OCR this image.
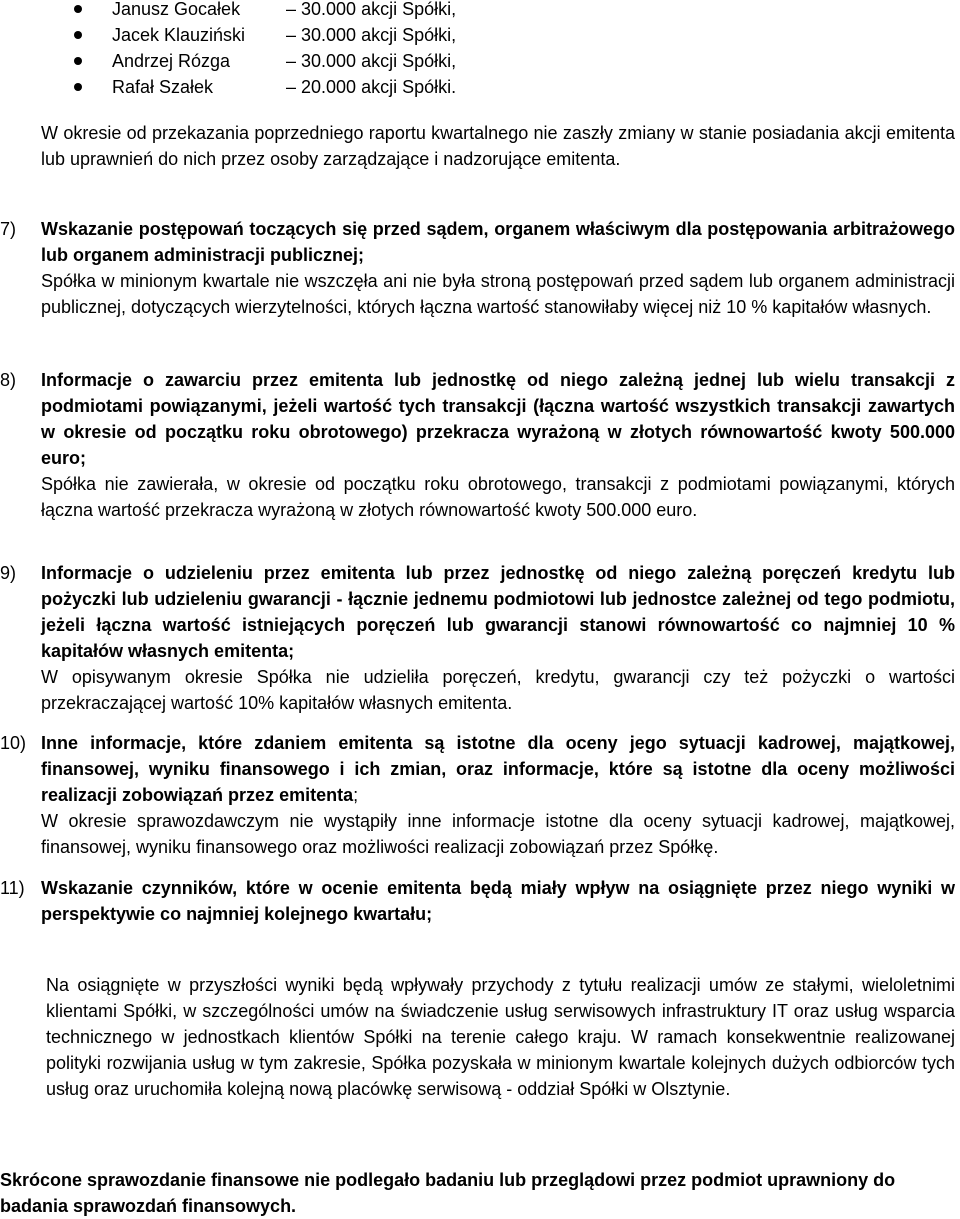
Janusz Gocałek	– 30.000 akcji Spółki,
Jacek Klauziński – 30.000 akcji Spółki,
Andrzej Rózga	– 30.000 akcji Spółki,
Rafał Szałek	– 20.000 akcji Spółki.
W okresie od przekazania poprzedniego raportu kwartalnego nie zaszły zmiany w stanie posiadania akcji emitenta lub uprawnień do nich przez osoby zarządzające i nadzorujące emitenta.
7) Wskazanie postępowań toczących się przed sądem, organem właściwym dla postępowania arbitrażowego lub organem administracji publicznej;
Spółka w minionym kwartale nie wszczęła ani nie była stroną postępowań przed sądem lub organem administracji publicznej, dotyczących wierzytelności, których łączna wartość stanowiłaby więcej niż 10 % kapitałów własnych.
8) Informacje o zawarciu przez emitenta lub jednostkę od niego zależną jednej lub wielu transakcji z podmiotami powiązanymi, jeżeli wartość tych transakcji (łączna wartość wszystkich transakcji zawartych w okresie od początku roku obrotowego) przekracza wyrażoną w złotych równowartość kwoty 500.000 euro;
Spółka nie zawierała, w okresie od początku roku obrotowego, transakcji z podmiotami powiązanymi, których łączna wartość przekracza wyrażoną w złotych równowartość kwoty 500.000 euro.
9) Informacje o udzieleniu przez emitenta lub przez jednostkę od niego zależną poręczeń kredytu lub pożyczki lub udzieleniu gwarancji - łącznie jednemu podmiotowi lub jednostce zależnej od tego podmiotu, jeżeli łączna wartość istniejących poręczeń lub gwarancji stanowi równowartość co najmniej 10 % kapitałów własnych emitenta;
W opisywanym okresie Spółka nie udzieliła poręczeń, kredytu, gwarancji czy też pożyczki o wartości przekraczającej wartość 10% kapitałów własnych emitenta.
10) Inne informacje, które zdaniem emitenta są istotne dla oceny jego sytuacji kadrowej, majątkowej, finansowej, wyniku finansowego i ich zmian, oraz informacje, które są istotne dla oceny możliwości realizacji zobowiązań przez emitenta;
W okresie sprawozdawczym nie wystąpiły inne informacje istotne dla oceny sytuacji kadrowej, majątkowej, finansowej, wyniku finansowego oraz możliwości realizacji zobowiązań przez Spółkę.
11) Wskazanie czynników, które w ocenie emitenta będą miały wpływ na osiągnięte przez niego wyniki w perspektywie co najmniej kolejnego kwartału;
Na osiągnięte w przyszłości wyniki będą wpływały przychody z tytułu realizacji umów ze stałymi, wieloletnimi klientami Spółki, w szczególności umów na świadczenie usług serwisowych infrastruktury IT oraz usług wsparcia technicznego w jednostkach klientów Spółki na terenie całego kraju. W ramach konsekwentnie realizowanej polityki rozwijania usług w tym zakresie, Spółka pozyskała w minionym kwartale kolejnych dużych odbiorców tych usług oraz uruchomiła kolejną nową placówkę serwisową - oddział Spółki w Olsztynie.
Skrócone sprawozdanie finansowe nie podlegało badaniu lub przeglądowi przez podmiot uprawniony do badania sprawozdań finansowych.
